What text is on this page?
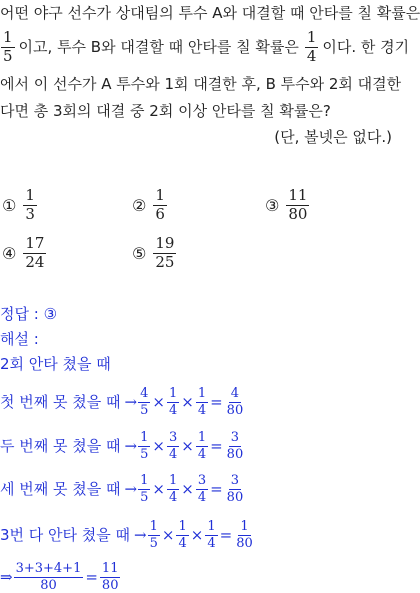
어떤 야구 선수가 상대팀의 투수 A와 대결할 때 안타를 칠 확률은
$\frac{1}{5}$ 이고, 투수 B와 대결할 때 안타를 칠 확률은 $\frac{1}{4}$ 이다. 한 경기
에서 이 선수가 A 투수와 1회 대결한 후, B 투수와 2회 대결한
다면 총 3회의 대결 중 2회 이상 안타를 칠 확률은?
(단, 볼넷은 없다.)
① $\frac{1}{3}$	② $\frac{1}{6}$	③ $\frac{11}{80}$
④ $\frac{17}{24}$	⑤ $\frac{19}{25}$
정답 : ③
해설 :
2회 안타 쳤을 때
첫 번째 못 쳤을 때 → $\frac{4}{5} \times \frac{1}{4} \times \frac{1}{4} = \frac{4}{80}$
두 번째 못 쳤을 때 → $\frac{1}{5} \times \frac{3}{4} \times \frac{1}{4} = \frac{3}{80}$
세 번째 못 쳤을 때 → $\frac{1}{5} \times \frac{1}{4} \times \frac{3}{4} = \frac{3}{80}$
3번 다 안타 쳤을 때 → $\frac{1}{5} \times \frac{1}{4} \times \frac{1}{4} = \frac{1}{80}$
⇒ $\frac{3+3+4+1}{80} = \frac{11}{80}$
